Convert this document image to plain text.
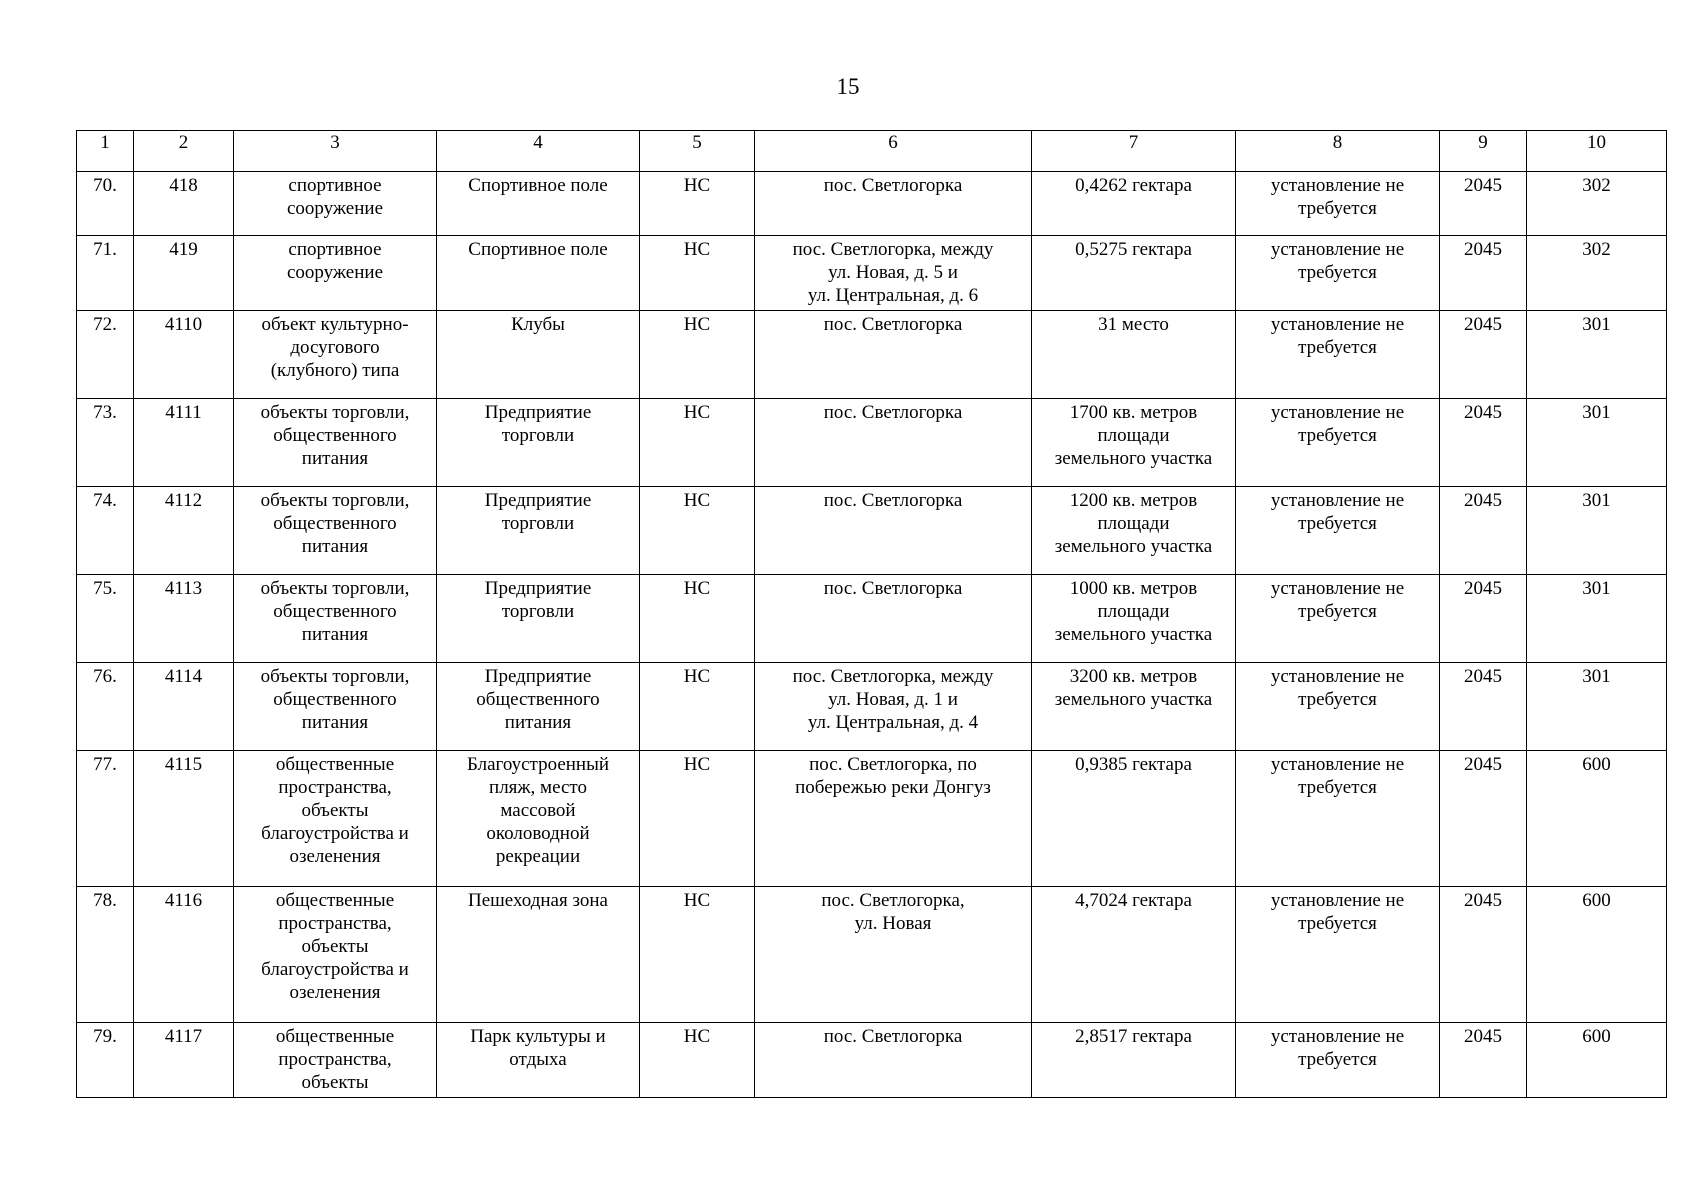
15
1	2	3	4	5	6	7	8	9	10
70.	418	спортивное
сооружение	Спортивное поле	НС	пос. Светлогорка	0,4262 гектара	установление не
требуется	2045	302
71.	419	спортивное
сооружение	Спортивное поле	НС	пос. Светлогорка, между
ул. Новая, д. 5 и
ул. Центральная, д. 6	0,5275 гектара	установление не
требуется	2045	302
72.	4110	объект культурно-
досугового
(клубного) типа	Клубы	НС	пос. Светлогорка	31 место	установление не
требуется	2045	301
73.	4111	объекты торговли,
общественного
питания	Предприятие
торговли	НС	пос. Светлогорка	1700 кв. метров
площади
земельного участка	установление не
требуется	2045	301
74.	4112	объекты торговли,
общественного
питания	Предприятие
торговли	НС	пос. Светлогорка	1200 кв. метров
площади
земельного участка	установление не
требуется	2045	301
75.	4113	объекты торговли,
общественного
питания	Предприятие
торговли	НС	пос. Светлогорка	1000 кв. метров
площади
земельного участка	установление не
требуется	2045	301
76.	4114	объекты торговли,
общественного
питания	Предприятие
общественного
питания	НС	пос. Светлогорка, между
ул. Новая, д. 1 и
ул. Центральная, д. 4	3200 кв. метров
земельного участка	установление не
требуется	2045	301
77.	4115	общественные
пространства,
объекты
благоустройства и
озеленения	Благоустроенный
пляж, место
массовой
околоводной
рекреации	НС	пос. Светлогорка, по
побережью реки Донгуз	0,9385 гектара	установление не
требуется	2045	600
78.	4116	общественные
пространства,
объекты
благоустройства и
озеленения	Пешеходная зона	НС	пос. Светлогорка,
ул. Новая	4,7024 гектара	установление не
требуется	2045	600
79.	4117	общественные
пространства,
объекты	Парк культуры и
отдыха	НС	пос. Светлогорка	2,8517 гектара	установление не
требуется	2045	600
